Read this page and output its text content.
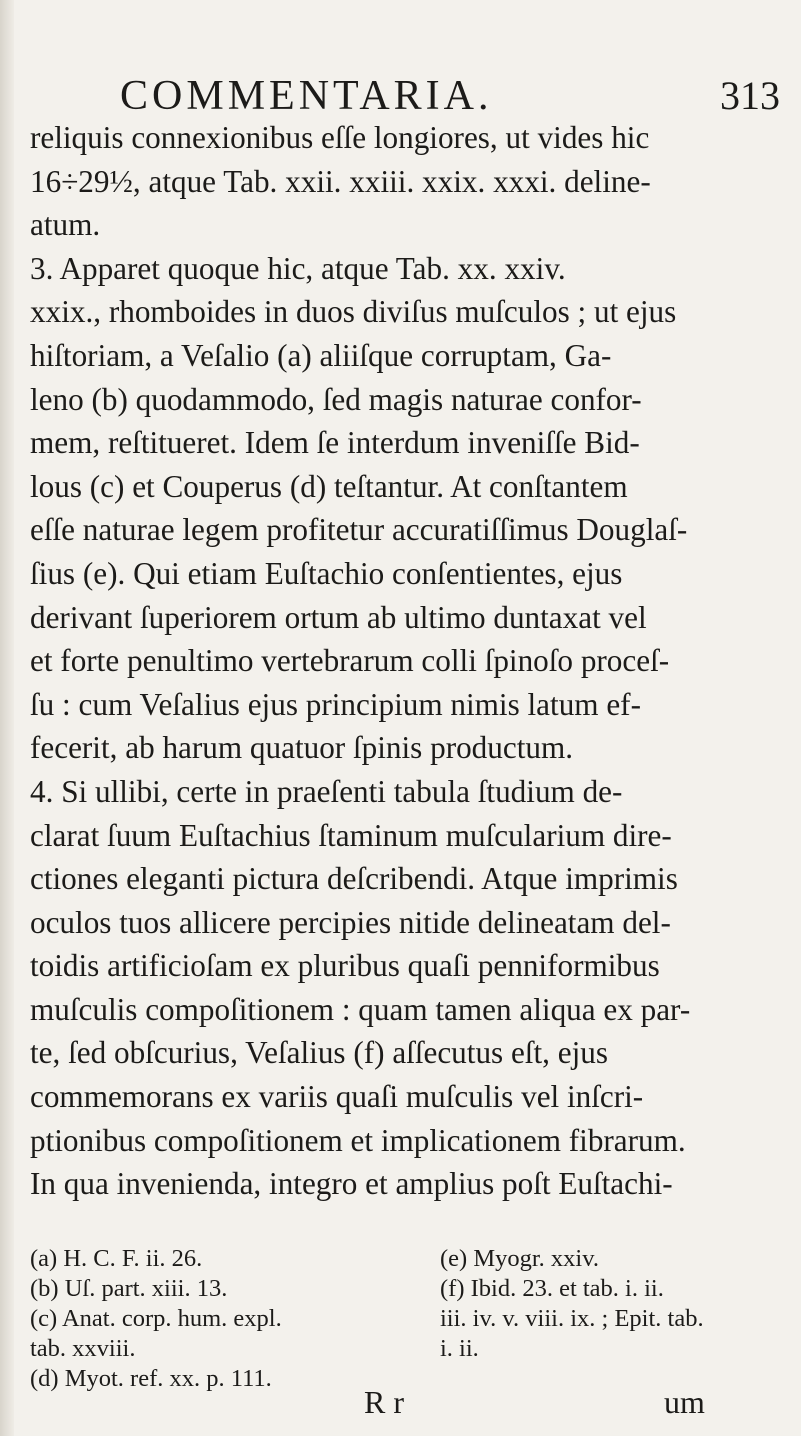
COMMENTARIA.	313
reliquis connexionibus eſſe longiores, ut vides hic
16÷29½, atque Tab. xxii. xxiii. xxix. xxxi. deline-
atum.
3. Apparet quoque hic, atque Tab. xx. xxiv.
xxix., rhomboides in duos diviſus muſculos ; ut ejus
hiſtoriam, a Veſalio (a) aliiſque corruptam, Ga-
leno (b) quodammodo, ſed magis naturae confor-
mem, reſtitueret. Idem ſe interdum inveniſſe Bid-
lous (c) et Couperus (d) teſtantur. At conſtantem
eſſe naturae legem profitetur accuratiſſimus Douglaſ-
ſius (e). Qui etiam Euſtachio conſentientes, ejus
derivant ſuperiorem ortum ab ultimo duntaxat vel
et forte penultimo vertebrarum colli ſpinoſo proceſ-
ſu : cum Veſalius ejus principium nimis latum ef-
fecerit, ab harum quatuor ſpinis productum.
4. Si ullibi, certe in praeſenti tabula ſtudium de-
clarat ſuum Euſtachius ſtaminum muſcularium dire-
ctiones eleganti pictura deſcribendi. Atque imprimis
oculos tuos allicere percipies nitide delineatam del-
toidis artificioſam ex pluribus quaſi penniformibus
muſculis compoſitionem : quam tamen aliqua ex par-
te, ſed obſcurius, Veſalius (f) aſſecutus eſt, ejus
commemorans ex variis quaſi muſculis vel inſcri-
ptionibus compoſitionem et implicationem fibrarum.
In qua invenienda, integro et amplius poſt Euſtachi-
(a) H. C. F. ii. 26.
(b) Uſ. part. xiii. 13.
(c) Anat. corp. hum. expl.
tab. xxviii.
(d) Myot. ref. xx. p. 111.
(e) Myogr. xxiv.
(f) Ibid. 23. et tab. i. ii.
iii. iv. v. viii. ix. ; Epit. tab.
i. ii.
R r	um
